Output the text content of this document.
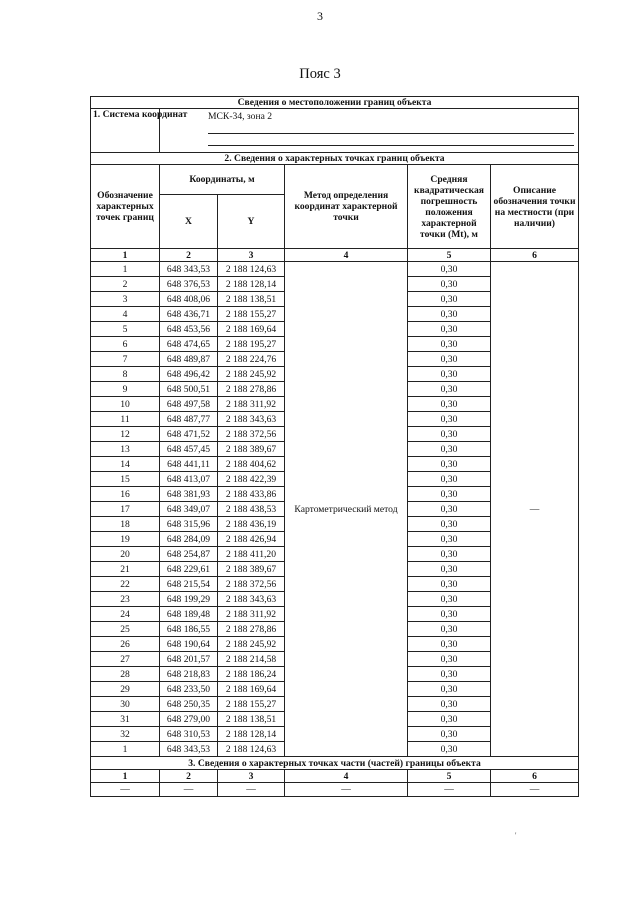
3
Пояс 3
Сведения о местоположении границ объекта					
1. Система координат	МСК-34, зона 2				

2. Сведения о характерных точках границ объекта					
Обозначение характерных точек границ	Координаты, м		Метод определения координат характерной точки	Средняя квадратическая погрешность положения характерной точки (Mt), м	Описание обозначения точки на местности (при наличии)
	X	Y			
1	2	3	4	5	6
1	648 343,53	2 188 124,63	Картометрический метод	0,30	—
2	648 376,53	2 188 128,14		0,30	
3	648 408,06	2 188 138,51		0,30	
4	648 436,71	2 188 155,27		0,30	
5	648 453,56	2 188 169,64		0,30	
6	648 474,65	2 188 195,27		0,30	
7	648 489,87	2 188 224,76		0,30	
8	648 496,42	2 188 245,92		0,30	
9	648 500,51	2 188 278,86		0,30	
10	648 497,58	2 188 311,92		0,30	
11	648 487,77	2 188 343,63		0,30	
12	648 471,52	2 188 372,56		0,30	
13	648 457,45	2 188 389,67		0,30	
14	648 441,11	2 188 404,62		0,30	
15	648 413,07	2 188 422,39		0,30	
16	648 381,93	2 188 433,86		0,30	
17	648 349,07	2 188 438,53		0,30	
18	648 315,96	2 188 436,19		0,30	
19	648 284,09	2 188 426,94		0,30	
20	648 254,87	2 188 411,20		0,30	
21	648 229,61	2 188 389,67		0,30	
22	648 215,54	2 188 372,56		0,30	
23	648 199,29	2 188 343,63		0,30	
24	648 189,48	2 188 311,92		0,30	
25	648 186,55	2 188 278,86		0,30	
26	648 190,64	2 188 245,92		0,30	
27	648 201,57	2 188 214,58		0,30	
28	648 218,83	2 188 186,24		0,30	
29	648 233,50	2 188 169,64		0,30	
30	648 250,35	2 188 155,27		0,30	
31	648 279,00	2 188 138,51		0,30	
32	648 310,53	2 188 128,14		0,30	
1	648 343,53	2 188 124,63		0,30	
3. Сведения о характерных точках части (частей) границы объекта					
1	2	3	4	5	6
—	—	—	—	—	—
'
